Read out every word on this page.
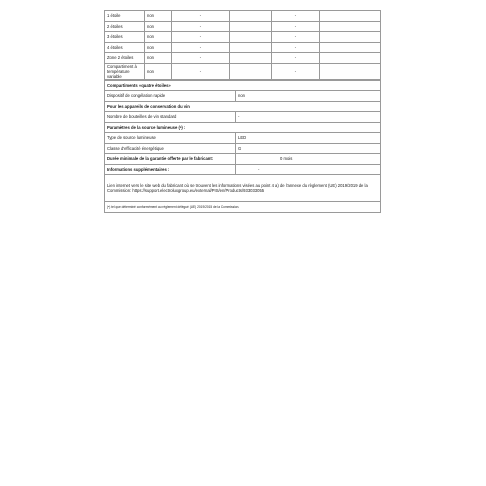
1 étoile	non	-		-	
2 étoiles	non	-		-	
3 étoiles	non	-		-	
4 étoiles	non	-		-	
Zone 2 étoiles	non	-		-	
Compartiment à température variable	non	-		-	
Compartiments «quatre étoiles»	
Dispositif de congélation rapide	non
Pour les appareils de conservation du vin	
Nombre de bouteilles de vin standard	-
Paramètres de la source lumineuse (ᵃ) :	
Type de source lumineuse	LED
Classe d'efficacité énergétique	G
Durée minimale de la garantie offerte par le fabricant:	0 mois
Informations supplémentaires :	-
Lien internet vers le site web du fabricant où se trouvent les informations visées au point 4 a) de l'annexe du règlement (UE) 2019/2019 de la Commission: https://support.electroluxgroup.eu/external/PIS/en/Products/933033055	
(ᵃ) tel que déterminé conformément au règlement délégué (UE) 2019/2015 de la Commission.	
